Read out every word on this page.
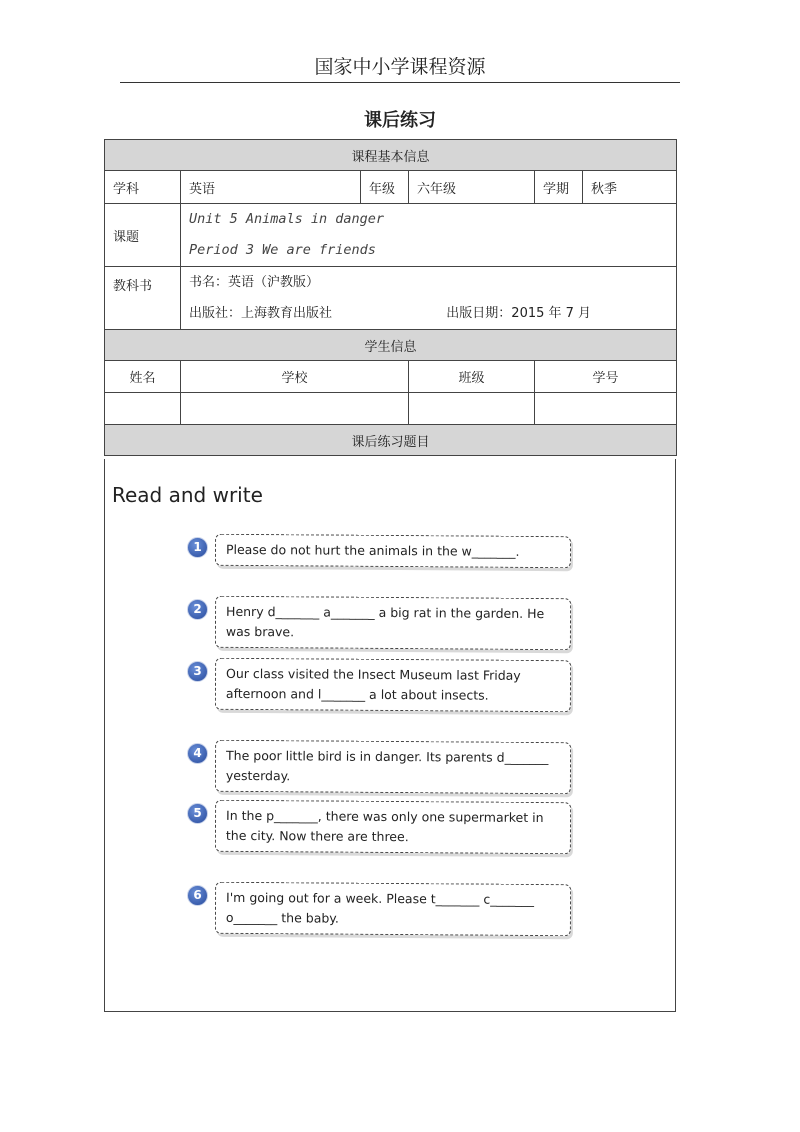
国家中小学课程资源
课后练习
课程基本信息					
学科	英语	年级	六年级	学期	秋季
课题	Unit 5 Animals in danger
Period 3 We are friends				

教科书	书名：英语（沪教版）
出版社：上海教育出版社 出版日期：2015 年 7 月				

学生信息					
姓名	学校		班级	学号	

课后练习题目					
Read and write
1	Please do not hurt the animals in the w_______.
2	Henry d_______ a_______ a big rat in the garden. He was brave.
3	Our class visited the Insect Museum last Friday afternoon and l_______ a lot about insects.
4	The poor little bird is in danger. Its parents d_______ yesterday.
5	In the p_______, there was only one supermarket in the city. Now there are three.
6	I'm going out for a week. Please t_______ c_______ o_______ the baby.
